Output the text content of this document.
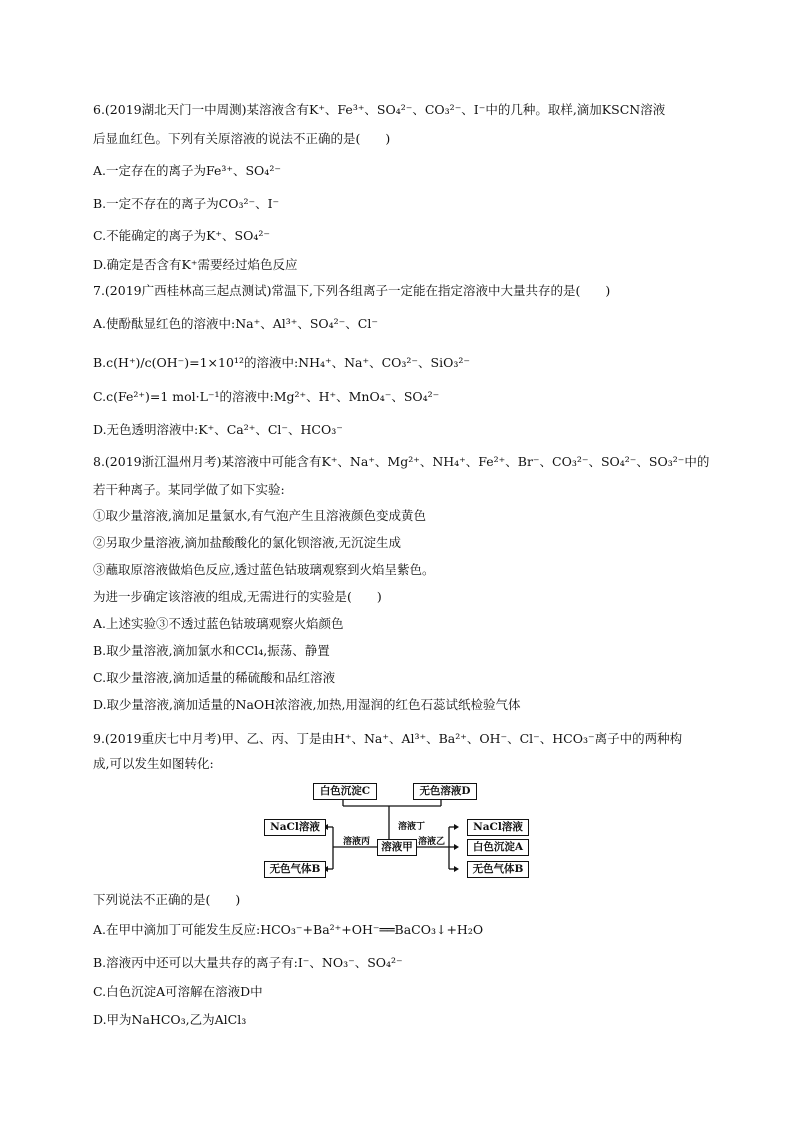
6.(2019湖北天门一中周测)某溶液含有K⁺、Fe³⁺、SO₄²⁻、CO₃²⁻、I⁻中的几种。取样,滴加KSCN溶液
后显血红色。下列有关原溶液的说法不正确的是(　　)
A.一定存在的离子为Fe³⁺、SO₄²⁻
B.一定不存在的离子为CO₃²⁻、I⁻
C.不能确定的离子为K⁺、SO₄²⁻
D.确定是否含有K⁺需要经过焰色反应
7.(2019广西桂林高三起点测试)常温下,下列各组离子一定能在指定溶液中大量共存的是(　　)
A.使酚酞显红色的溶液中:Na⁺、Al³⁺、SO₄²⁻、Cl⁻
B.c(H⁺)/c(OH⁻)=1×10¹²的溶液中:NH₄⁺、Na⁺、CO₃²⁻、SiO₃²⁻
C.c(Fe²⁺)=1 mol·L⁻¹的溶液中:Mg²⁺、H⁺、MnO₄⁻、SO₄²⁻
D.无色透明溶液中:K⁺、Ca²⁺、Cl⁻、HCO₃⁻
8.(2019浙江温州月考)某溶液中可能含有K⁺、Na⁺、Mg²⁺、NH₄⁺、Fe²⁺、Br⁻、CO₃²⁻、SO₄²⁻、SO₃²⁻中的
若干种离子。某同学做了如下实验:
①取少量溶液,滴加足量氯水,有气泡产生且溶液颜色变成黄色
②另取少量溶液,滴加盐酸酸化的氯化钡溶液,无沉淀生成
③蘸取原溶液做焰色反应,透过蓝色钴玻璃观察到火焰呈紫色。
为进一步确定该溶液的组成,无需进行的实验是(　　)
A.上述实验③不透过蓝色钴玻璃观察火焰颜色
B.取少量溶液,滴加氯水和CCl₄,振荡、静置
C.取少量溶液,滴加适量的稀硫酸和品红溶液
D.取少量溶液,滴加适量的NaOH浓溶液,加热,用湿润的红色石蕊试纸检验气体
9.(2019重庆七中月考)甲、乙、丙、丁是由H⁺、Na⁺、Al³⁺、Ba²⁺、OH⁻、Cl⁻、HCO₃⁻离子中的两种构
成,可以发生如图转化:
白色沉淀C	无色溶液D
NaCl溶液
溶液甲
无色气体B
NaCl溶液
白色沉淀A
无色气体B
溶液丙
溶液丁
溶液乙
下列说法不正确的是(　　)
A.在甲中滴加丁可能发生反应:HCO₃⁻+Ba²⁺+OH⁻══BaCO₃↓+H₂O
B.溶液丙中还可以大量共存的离子有:I⁻、NO₃⁻、SO₄²⁻
C.白色沉淀A可溶解在溶液D中
D.甲为NaHCO₃,乙为AlCl₃
